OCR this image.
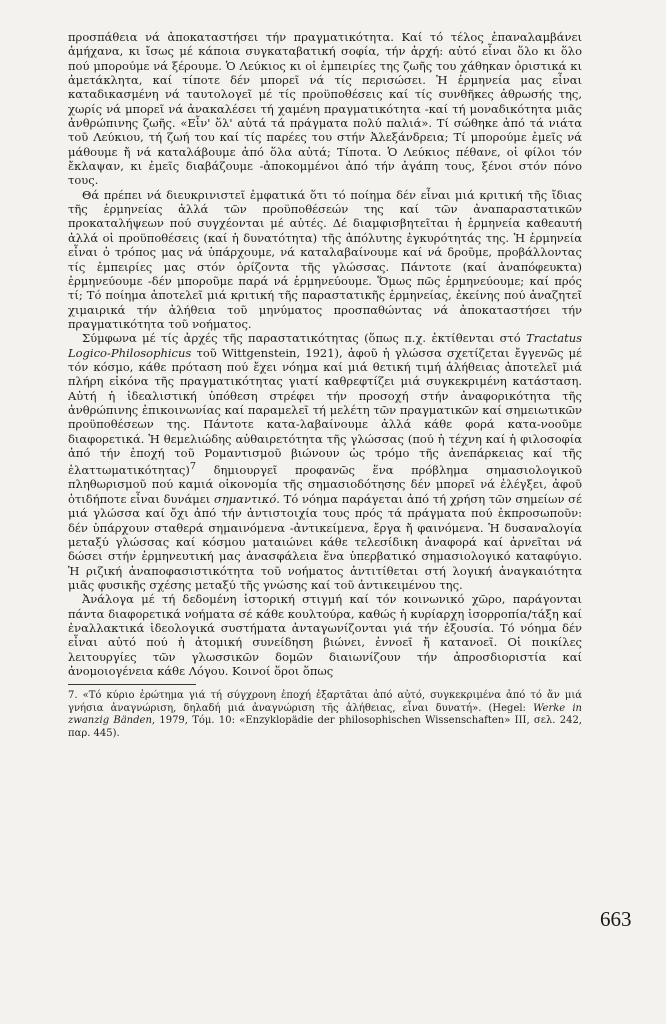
προσπάθεια νά ἀποκαταστήσει τήν πραγματικότητα. Καί τό τέλος ἐπαναλαμβάνει ἀμήχανα, κι ἴσως μέ κάποια συγκαταβατική σοφία, τήν ἀρχή: αὐτό εἶναι ὅλο κι ὅλο πού μπορούμε νά ξέρουμε. Ὁ Λεύκιος κι οἱ ἐμπειρίες της ζωῆς του χάθηκαν ὁριστικά κι ἀμετάκλητα, καί τίποτε δέν μπορεῖ νά τίς περισώσει. Ἡ ἑρμηνεία μας εἶναι καταδικασμένη νά ταυτολογεῖ μέ τίς προϋποθέσεις καί τίς συνθῆκες ἀθρωσής της, χωρίς νά μπορεῖ νά ἀνακαλέσει τή χαμένη πραγματικότητα -καί τή μοναδικότητα μιᾶς ἀνθρώπινης ζωῆς. «Εἶν' ὅλ' αὐτά τά πράγματα πολύ παλιά». Τί σώθηκε ἀπό τά νιάτα τοῦ Λεύκιου, τή ζωή του καί τίς παρέες του στήν Ἀλεξάνδρεια; Τί μπορούμε ἐμεῖς νά μάθουμε ἤ νά καταλάβουμε ἀπό ὅλα αὐτά; Τίποτα. Ὁ Λεύκιος πέθανε, οἱ φίλοι τόν ἔκλαψαν, κι ἐμεῖς διαβάζουμε -ἀποκομμένοι ἀπό τήν ἀγάπη τους, ξένοι στόν πόνο τους.

Θά πρέπει νά διευκρινιστεῖ ἐμφατικά ὅτι τό ποίημα δέν εἶναι μιά κριτική τῆς ἴδιας τῆς ἑρμηνείας ἀλλά τῶν προϋποθέσεών της καί τῶν ἀναπαραστατικῶν προκαταλήψεων πού συγχέονται μέ αὐτές. Δέ διαμφισβητεῖται ἡ ἑρμηνεία καθεαυτή ἀλλά οἱ προϋποθέσεις (καί ἡ δυνατότητα) τῆς ἀπόλυτης ἐγκυρότητάς της. Ἡ ἑρμηνεία εἶναι ὁ τρόπος μας νά ὑπάρχουμε, νά καταλαβαίνουμε καί νά δροῦμε, προβάλλοντας τίς ἐμπειρίες μας στόν ὁρίζοντα τῆς γλώσσας. Πάντοτε (καί ἀναπόφευκτα) ἑρμηνεύουμε -δέν μποροῦμε παρά νά ἑρμηνεύουμε. Ὅμως πῶς ἑρμηνεύουμε; καί πρός τί; Τό ποίημα ἀποτελεῖ μιά κριτική τῆς παραστατικῆς ἑρμηνείας, ἐκείνης πού ἀναζητεῖ χιμαιρικά τήν ἀλήθεια τοῦ μηνύματος προσπαθώντας νά ἀποκαταστήσει τήν πραγματικότητα τοῦ νοήματος.

Σύμφωνα μέ τίς ἀρχές τῆς παραστατικότητας (ὅπως π.χ. ἐκτίθενται στό Tractatus Logico-Philosophicus τοῦ Wittgenstein, 1921), ἀφοῦ ἡ γλώσσα σχετίζεται ἔγγενῶς μέ τόν κόσμο, κάθε πρόταση πού ἔχει νόημα καί μιά θετική τιμή ἀλήθειας ἀποτελεῖ μιά πλήρη εἰκόνα τῆς πραγματικότητας γιατί καθρεφτίζει μιά συγκεκριμένη κατάσταση. Αὐτή ἡ ἰδεαλιστική ὑπόθεση στρέφει τήν προσοχή στήν ἀναφορικότητα τῆς ἀνθρώπινης ἐπικοινωνίας καί παραμελεῖ τή μελέτη τῶν πραγματικῶν καί σημειωτικῶν προϋποθέσεων της. Πάντοτε κατα-λαβαίνουμε ἀλλά κάθε φορά κατα-νοοῦμε διαφορετικά. Ἡ θεμελιώδης αὐθαιρετότητα τῆς γλώσσας (πού ἡ τέχνη καί ἡ φιλοσοφία ἀπό τήν ἐποχή τοῦ Ρομαντισμοῦ βιώνουν ὡς τρόμο τῆς ἀνεπάρκειας καί τῆς ἐλαττωματικότητας)$^7$ δημιουργεῖ προφανῶς ἕνα πρόβλημα σημασιολογικοῦ πληθωρισμοῦ πού καμιά οἰκονομία τῆς σημασιοδότησης δέν μπορεῖ νά ἐλέγξει, ἀφοῦ ὁτιδήποτε εἶναι δυνάμει σημαντικό. Τό νόημα παράγεται ἀπό τή χρήση τῶν σημείων σέ μιά γλώσσα καί ὄχι ἀπό τήν ἀντιστοιχία τους πρός τά πράγματα πού ἐκπροσωποῦν: δέν ὑπάρχουν σταθερά σημαινόμενα -ἀντικείμενα, ἔργα ἤ φαινόμενα. Ἡ δυσαναλογία μεταξύ γλώσσας καί κόσμου ματαιώνει κάθε τελεσίδικη ἀναφορά καί ἀρνεῖται νά δώσει στήν ἑρμηνευτική μας ἀνασφάλεια ἕνα ὑπερβατικό σημασιολογικό καταφύγιο. Ἡ ριζική ἀναποφασιστικότητα τοῦ νοήματος ἀντιτίθεται στή λογική ἀναγκαιότητα μιᾶς φυσικῆς σχέσης μεταξύ τῆς γνώσης καί τοῦ ἀντικειμένου της.

Ἀνάλογα μέ τή δεδομένη ἱστορική στιγμή καί τόν κοινωνικό χῶρο, παράγονται πάντα διαφορετικά νοήματα σέ κάθε κουλτούρα, καθώς ἡ κυρίαρχη ἰσορροπία/τάξη καί ἐναλλακτικά ἰδεολογικά συστήματα ἀνταγωνίζονται γιά τήν ἐξουσία. Τό νόημα δέν εἶναι αὐτό πού ἡ ἀτομική συνείδηση βιώνει, ἐννοεῖ ἤ κατανοεῖ. Οἱ ποικίλες λειτουργίες τῶν γλωσσικῶν δομῶν διαιωνίζουν τήν ἀπροσδιοριστία καί ἀνομοιογένεια κάθε Λόγου. Κοινοί ὅροι ὅπως

7. «Τό κύριο ἐρώτημα γιά τή σύγχρονη ἐποχή ἐξαρτᾶται ἀπό αὐτό, συγκεκριμένα ἀπό τό ἄν μιά γνήσια ἀναγνώριση, δηλαδή μιά ἀναγνώριση τῆς ἀλήθειας, εἶναι δυνατή». (Hegel: Werke in zwanzig Bänden, 1979, Τόμ. 10: «Enzyklopädie der philosophischen Wissenschaften» III, σελ. 242, παρ. 445).

663
